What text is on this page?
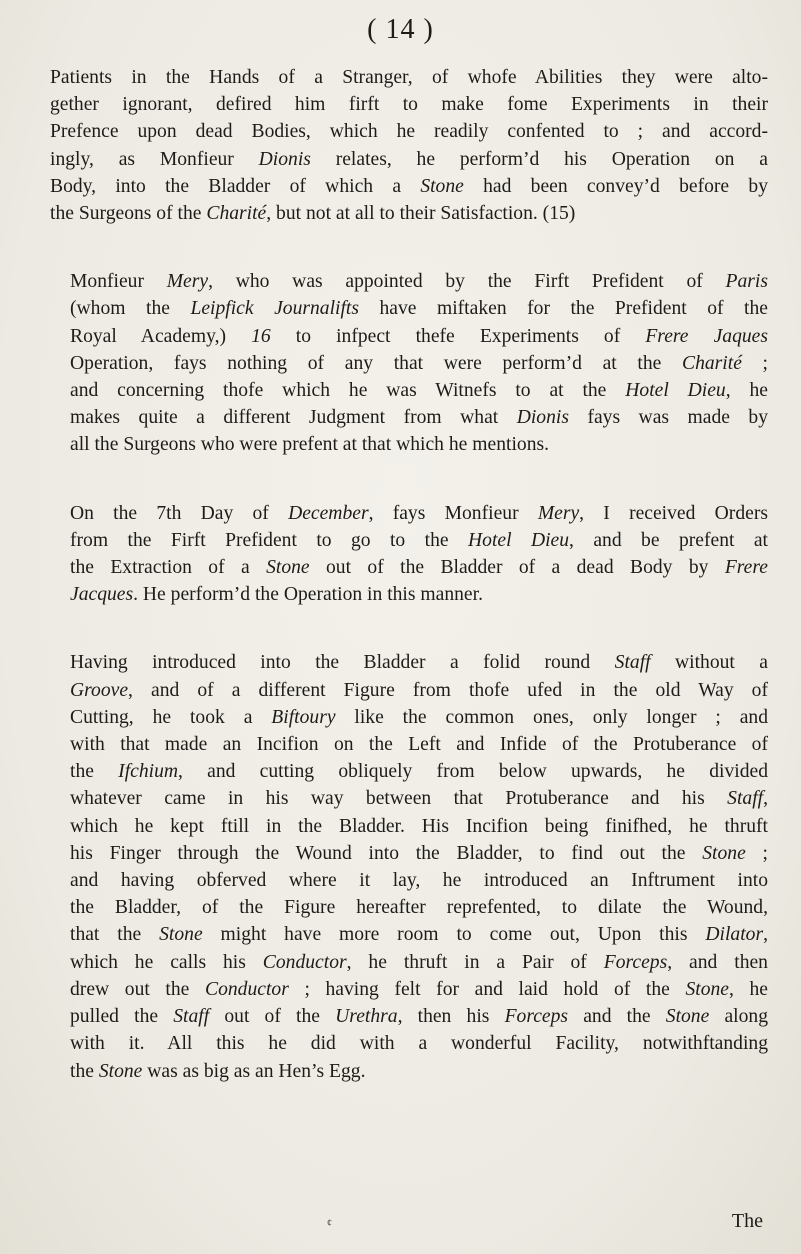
( 14 )

Patients in the Hands of a Stranger, of whofe Abilities they were alto-
gether ignorant, defired him firft to make fome Experiments in their
Prefence upon dead Bodies, which he readily confented to ; and accord-
ingly, as Monfieur Dionis relates, he perform’d his Operation on a
Body, into the Bladder of which a Stone had been convey’d before by
the Surgeons of the Charité, but not at all to their Satisfaction. (15)

Monfieur Mery, who was appointed by the Firft Prefident of Paris
(whom the Leipfick Journalifts have miftaken for the Prefident of the
Royal Academy,) 16 to infpect thefe Experiments of Frere Jaques
Operation, fays nothing of any that were perform’d at the Charité ;
and concerning thofe which he was Witnefs to at the Hotel Dieu, he
makes quite a different Judgment from what Dionis fays was made by
all the Surgeons who were prefent at that which he mentions.

On the 7th Day of December, fays Monfieur Mery, I received Orders
from the Firft Prefident to go to the Hotel Dieu, and be prefent at
the Extraction of a Stone out of the Bladder of a dead Body by Frere
Jacques. He perform’d the Operation in this manner.

Having introduced into the Bladder a folid round Staff without a
Groove, and of a different Figure from thofe ufed in the old Way of
Cutting, he took a Biftoury like the common ones, only longer ; and
with that made an Incifion on the Left and Infide of the Protuberance of
the Ifchium, and cutting obliquely from below upwards, he divided
whatever came in his way between that Protuberance and his Staff,
which he kept ftill in the Bladder. His Incifion being finifhed, he thruft
his Finger through the Wound into the Bladder, to find out the Stone ;
and having obferved where it lay, he introduced an Inftrument into
the Bladder, of the Figure hereafter reprefented, to dilate the Wound,
that the Stone might have more room to come out, Upon this Dilator,
which he calls his Conductor, he thruft in a Pair of Forceps, and then
drew out the Conductor ; having felt for and laid hold of the Stone, he
pulled the Staff out of the Urethra, then his Forceps and the Stone along
with it. All this he did with a wonderful Facility, notwithftanding
the Stone was as big as an Hen’s Egg.

¢	The
